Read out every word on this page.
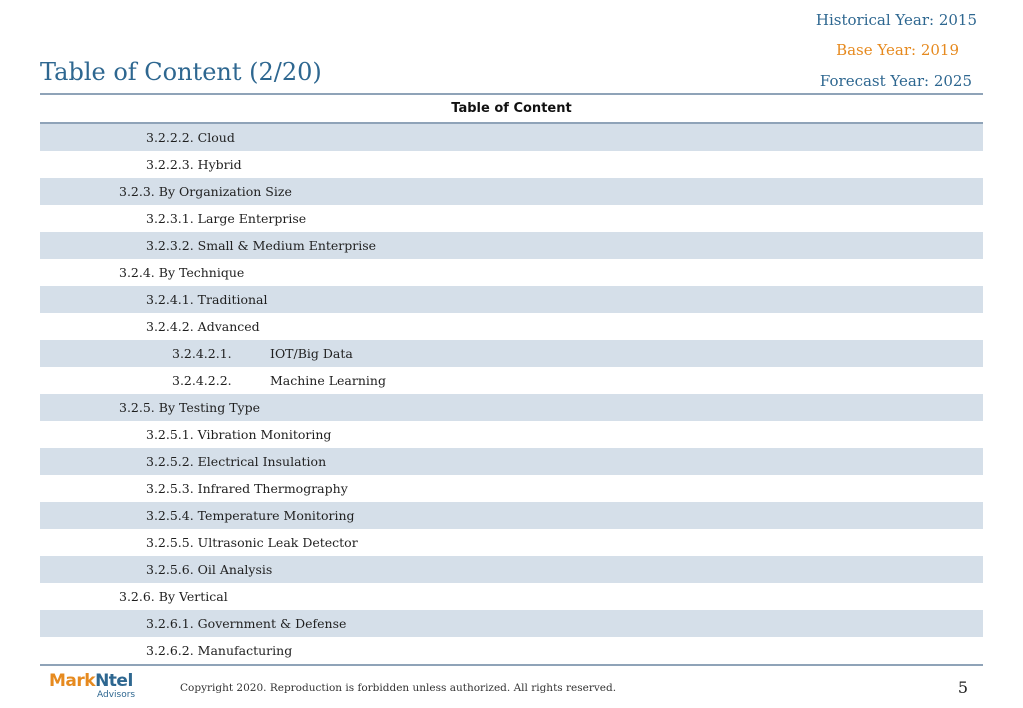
Historical Year: 2015
Base Year: 2019
Forecast Year: 2025
Table of Content (2/20)
Table of Content
3.2.2.2. Cloud
3.2.2.3. Hybrid
3.2.3. By Organization Size
3.2.3.1. Large Enterprise
3.2.3.2. Small & Medium Enterprise
3.2.4. By Technique
3.2.4.1. Traditional
3.2.4.2. Advanced
3.2.4.2.1.	IOT/Big Data
3.2.4.2.2.	Machine Learning
3.2.5. By Testing Type
3.2.5.1. Vibration Monitoring
3.2.5.2. Electrical Insulation
3.2.5.3. Infrared Thermography
3.2.5.4. Temperature Monitoring
3.2.5.5. Ultrasonic Leak Detector
3.2.5.6. Oil Analysis
3.2.6. By Vertical
3.2.6.1. Government & Defense
3.2.6.2. Manufacturing
MarkNtel
Advisors
Copyright 2020. Reproduction is forbidden unless authorized. All rights reserved.	5
